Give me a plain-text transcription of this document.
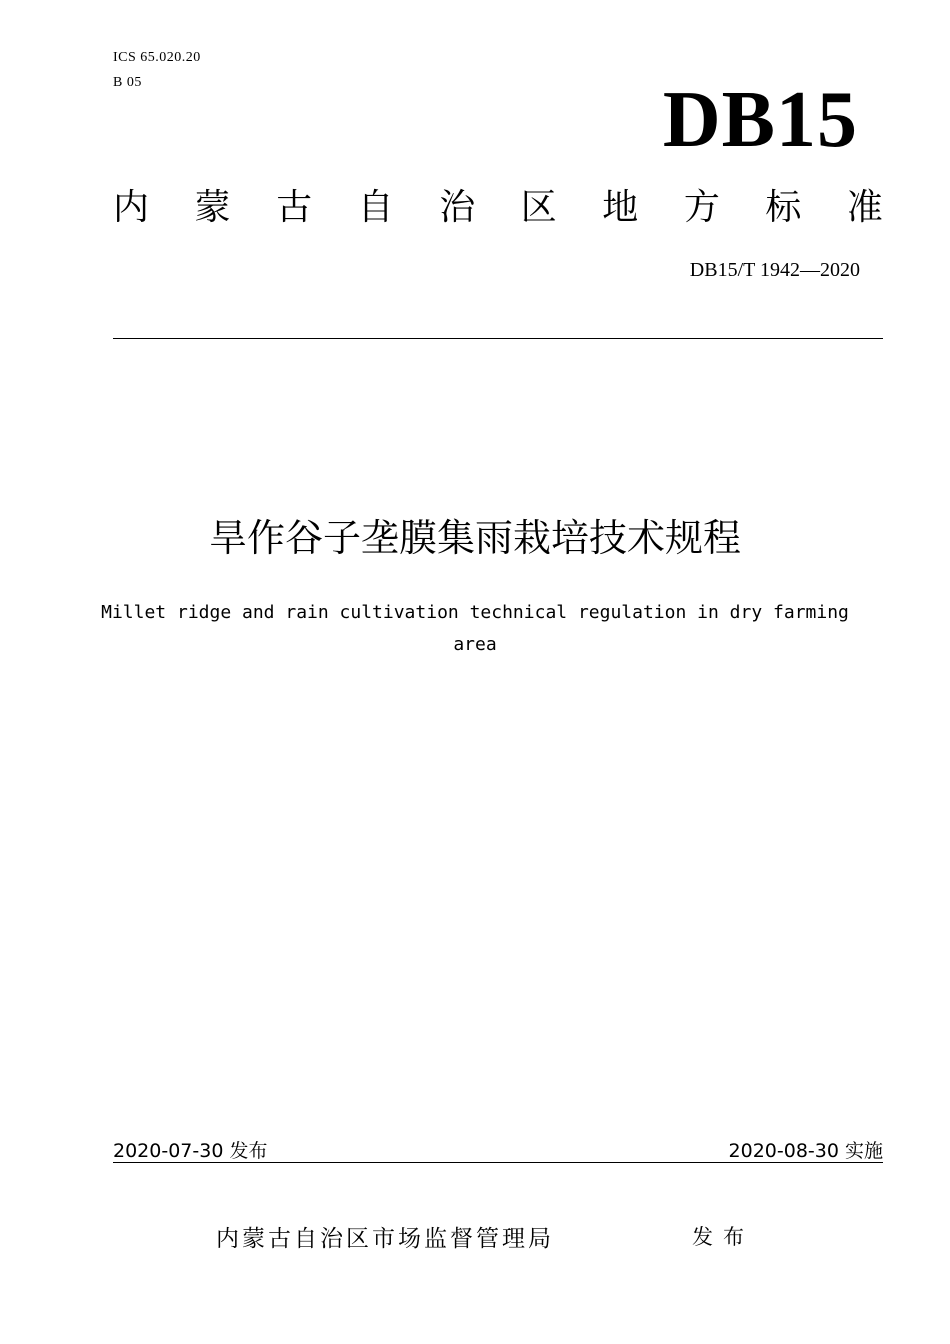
ICS 65.020.20
B 05	DB15
内 蒙 古 自 治 区 地 方 标 准
DB15/T 1942—2020
旱作谷子垄膜集雨栽培技术规程
Millet ridge and rain cultivation technical regulation in dry farming area
2020-07-30 发布	2020-08-30 实施
内蒙古自治区市场监督管理局	发布
